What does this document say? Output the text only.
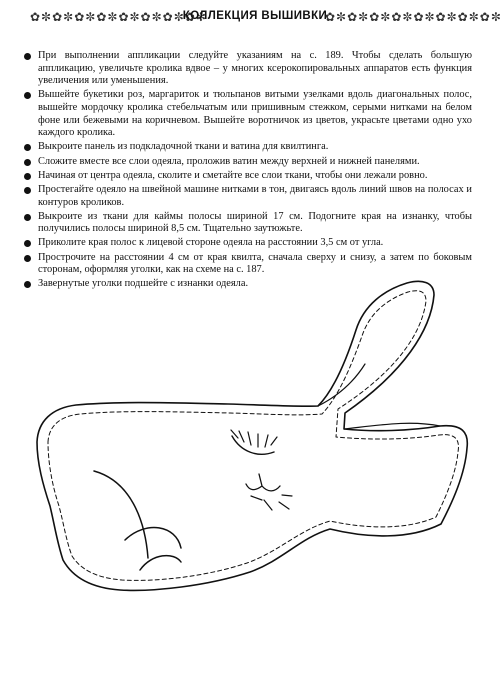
✿✼✿✼✿✼✿✼✿✼✿✼✿✼✿✼
КОЛЛЕКЦИЯ ВЫШИВКИ
✿✼✿✼✿✼✿✼✿✼✿✼✿✼✿✼
При выполнении аппликации следуйте указаниям на с. 189. Чтобы сделать большую аппликацию, увеличьте кролика вдвое – у многих ксерокопировальных аппаратов есть функция увеличения или уменьшения.
Вышейте букетики роз, маргариток и тюльпанов витыми узелками вдоль диагональных полос, вышейте мордочку кролика стебельчатым или пришивным стежком, серыми нитками на белом фоне или бежевыми на коричневом. Вышейте воротничок из цветов, украсьте цветами одно ухо каждого кролика.
Выкроите панель из подкладочной ткани и ватина для квилтинга.
Сложите вместе все слои одеяла, проложив ватин между верхней и нижней панелями.
Начиная от центра одеяла, сколите и сметайте все слои ткани, чтобы они лежали ровно.
Простегайте одеяло на швейной машине нитками в тон, двигаясь вдоль линий швов на полосах и контуров кроликов.
Выкроите из ткани для каймы полосы шириной 17 см. Подогните края на изнанку, чтобы получились полосы шириной 8,5 см. Тщательно заутюжьте.
Приколите края полос к лицевой стороне одеяла на расстоянии 3,5 см от угла.
Прострочите на расстоянии 4 см от края квилта, сначала сверху и снизу, а затем по боковым сторонам, оформляя уголки, как на схеме на с. 187.
Завернутые уголки подшейте с изнанки одеяла.
